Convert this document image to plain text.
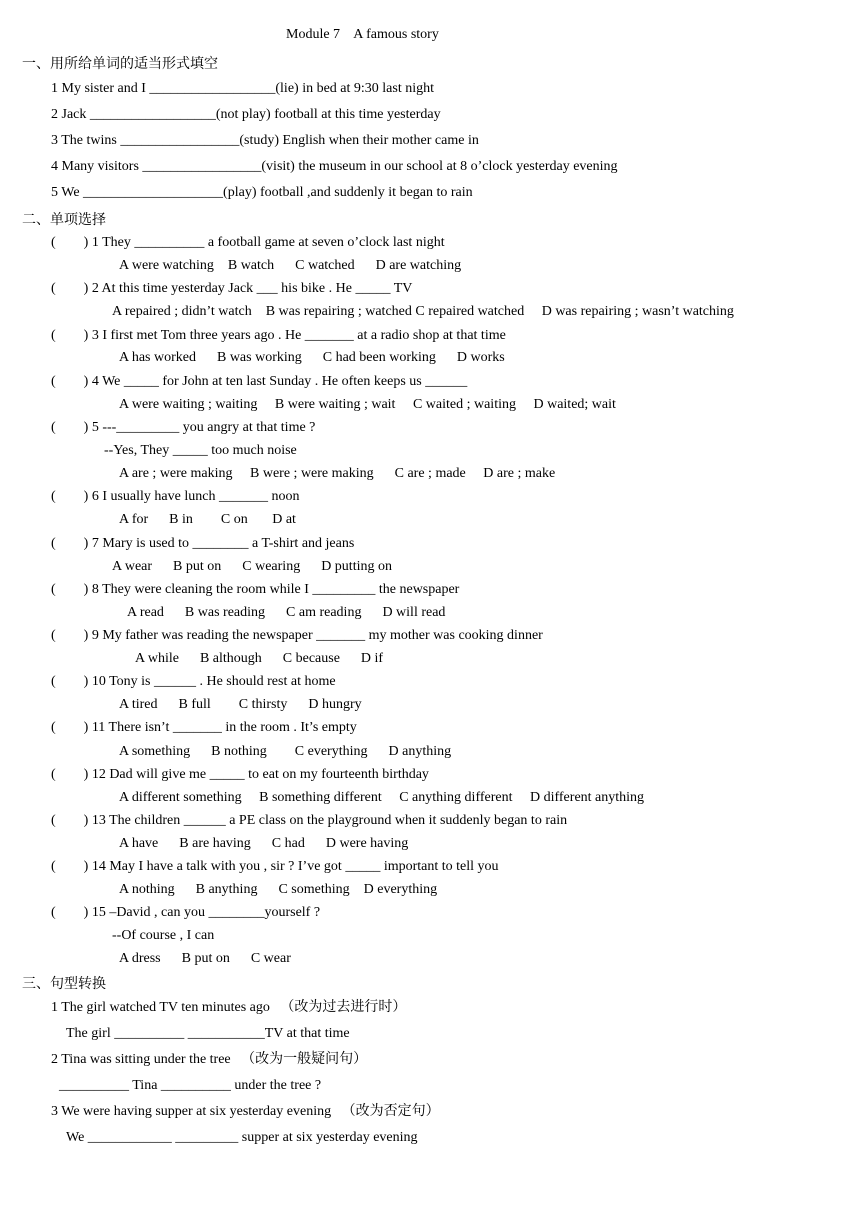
Module 7    A famous story
一、用所给单词的适当形式填空
1 My sister and I __________________(lie) in bed at 9:30 last night
2 Jack __________________(not play) football at this time yesterday
3 The twins _________________(study) English when their mother came in
4 Many visitors _________________(visit) the museum in our school at 8 o’clock yesterday evening
5 We ____________________(play) football ,and suddenly it began to rain
二、单项选择
(        ) 1 They __________ a football game at seven o’clock last night
A were watching    B watch      C watched      D are watching
(        ) 2 At this time yesterday Jack ___ his bike . He _____ TV
A repaired ; didn’t watch    B was repairing ; watched C repaired watched     D was repairing ; wasn’t watching
(        ) 3 I first met Tom three years ago . He _______ at a radio shop at that time
A has worked      B was working      C had been working      D works
(        ) 4 We _____ for John at ten last Sunday . He often keeps us ______
A were waiting ; waiting     B were waiting ; wait     C waited ; waiting     D waited; wait
(        ) 5 ---_________ you angry at that time ?
--Yes, They _____ too much noise
A are ; were making     B were ; were making      C are ; made     D are ; make
(        ) 6 I usually have lunch _______ noon
A for      B in        C on       D at
(        ) 7 Mary is used to ________ a T-shirt and jeans
A wear      B put on      C wearing      D putting on
(        ) 8 They were cleaning the room while I _________ the newspaper
A read      B was reading      C am reading      D will read
(        ) 9 My father was reading the newspaper _______ my mother was cooking dinner
A while      B although      C because      D if
(        ) 10 Tony is ______ . He should rest at home
A tired      B full        C thirsty      D hungry
(        ) 11 There isn’t _______ in the room . It’s empty
A something      B nothing        C everything      D anything
(        ) 12 Dad will give me _____ to eat on my fourteenth birthday
A different something     B something different     C anything different     D different anything
(        ) 13 The children ______ a PE class on the playground when it suddenly began to rain
A have      B are having      C had      D were having
(        ) 14 May I have a talk with you , sir ? I’ve got _____ important to tell you
A nothing      B anything      C something    D everything
(        ) 15 –David , can you ________yourself ?
--Of course , I can
A dress      B put on      C wear
三、句型转换
1 The girl watched TV ten minutes ago   （改为过去进行时）
The girl __________ ___________TV at that time
2 Tina was sitting under the tree   （改为一般疑问句）
__________ Tina __________ under the tree ?
3 We were having supper at six yesterday evening   （改为否定句）
We ____________ _________ supper at six yesterday evening
